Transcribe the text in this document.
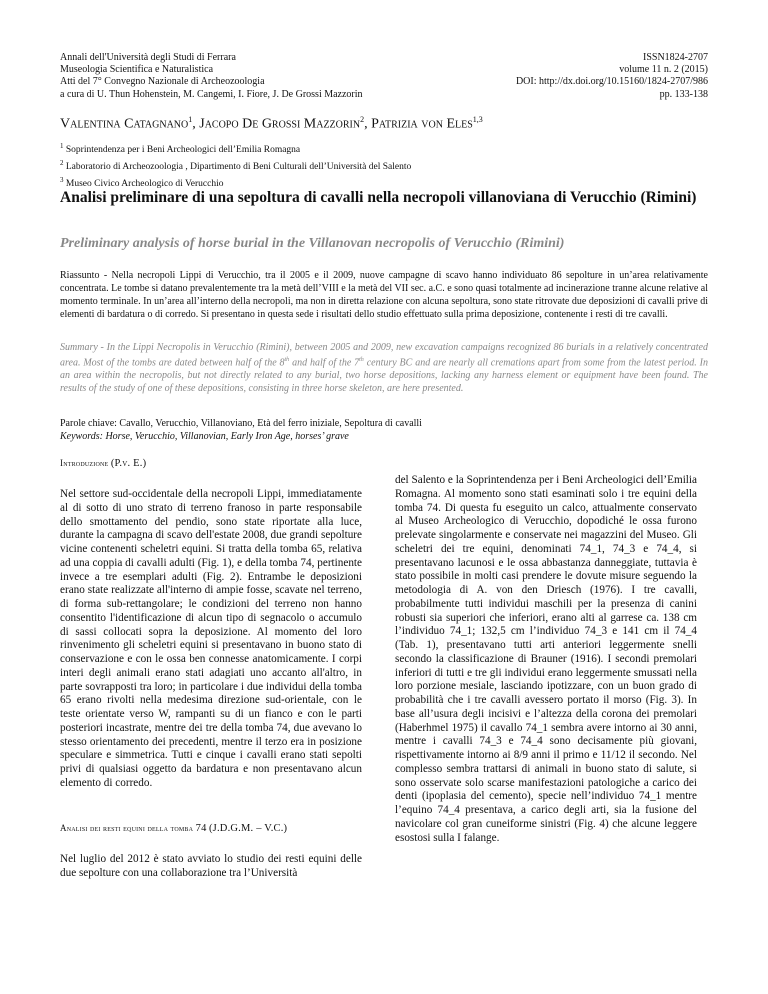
Annali dell'Università degli Studi di Ferrara
Museologia Scientifica e Naturalistica
Atti del 7° Convegno Nazionale di Archeozoologia
a cura di U. Thun Hohenstein, M. Cangemi, I. Fiore, J. De Grossi Mazzorin
ISSN1824-2707
volume 11 n. 2 (2015)
DOI: http://dx.doi.org/10.15160/1824-2707/986
pp. 133-138
Valentina Catagnano$^1$, Jacopo De Grossi Mazzorin$^2$, Patrizia von Eles$^{1,3}$
$^1$ Soprintendenza per i Beni Archeologici dell’Emilia Romagna
$^2$ Laboratorio di Archeozoologia , Dipartimento di Beni Culturali dell’Università del Salento
$^3$ Museo Civico Archeologico di Verucchio
Analisi preliminare di una sepoltura di cavalli nella necropoli villanoviana di Verucchio (Rimini)
Preliminary analysis of horse burial in the Villanovan necropolis of Verucchio (Rimini)

Riassunto - Nella necropoli Lippi di Verucchio, tra il 2005 e il 2009, nuove campagne di scavo hanno individuato 86 sepolture in un’area relativamente concentrata. Le tombe si datano prevalentemente tra la metà dell’VIII e la metà del VII sec. a.C. e sono quasi totalmente ad incinerazione tranne alcune relative al momento terminale. In un’area all’interno della necropoli, ma non in diretta relazione con alcuna sepoltura, sono state ritrovate due deposizioni di cavalli prive di elementi di bardatura o di corredo. Si presentano in questa sede i risultati dello studio effettuato sulla prima deposizione, contenente i resti di tre cavalli.

Summary - In the Lippi Necropolis in Verucchio (Rimini), between 2005 and 2009, new excavation campaigns recognized 86 burials in a relatively concentrated area. Most of the tombs are dated between half of the 8th and half of the 7th century BC and are nearly all cremations apart from some from the latest period. In an area within the necropolis, but not directly related to any burial, two horse depositions, lacking any harness element or equipment have been found. The results of the study of one of these depositions, consisting in three horse skeleton, are here presented.

Parole chiave: Cavallo, Verucchio, Villanoviano, Età del ferro iniziale, Sepoltura di cavalli
Keywords: Horse, Verucchio, Villanovian, Early Iron Age, horses’ grave
Introduzione (P.v. E.)

Nel settore sud-occidentale della necropoli Lippi, immediatamente al di sotto di uno strato di terreno franoso in parte responsabile dello smottamento del pendio, sono state riportate alla luce, durante la campagna di scavo dell'estate 2008, due grandi sepolture vicine contenenti scheletri equini. Si tratta della tomba 65, relativa ad una coppia di cavalli adulti (Fig. 1), e della tomba 74, pertinente invece a tre esemplari adulti (Fig. 2). Entrambe le deposizioni erano state realizzate all'interno di ampie fosse, scavate nel terreno, di forma sub-rettangolare; le condizioni del terreno non hanno consentito l'identificazione di alcun tipo di segnacolo o accumulo di sassi collocati sopra la deposizione. Al momento del loro rinvenimento gli scheletri equini si presentavano in buono stato di conservazione e con le ossa ben connesse anatomicamente. I corpi interi degli animali erano stati adagiati uno accanto all'altro, in parte sovrapposti tra loro; in particolare i due individui della tomba 65 erano rivolti nella medesima direzione sud-orientale, con le teste orientate verso W, rampanti su di un fianco e con le parti posteriori incastrate, mentre dei tre della tomba 74, due avevano lo stesso orientamento dei precedenti, mentre il terzo era in posizione speculare e simmetrica. Tutti e cinque i cavalli erano stati sepolti privi di qualsiasi oggetto da bardatura e non presentavano alcun elemento di corredo.

Analisi dei resti equini della tomba 74 (J.D.G.M. – V.C.)

Nel luglio del 2012 è stato avviato lo studio dei resti equini delle due sepolture con una collaborazione tra l’Università

del Salento e la Soprintendenza per i Beni Archeologici dell’Emilia Romagna. Al momento sono stati esaminati solo i tre equini della tomba 74. Di questa fu eseguito un calco, attualmente conservato al Museo Archeologico di Verucchio, dopodiché le ossa furono prelevate singolarmente e conservate nei magazzini del Museo. Gli scheletri dei tre equini, denominati 74_1, 74_3 e 74_4, si presentavano lacunosi e le ossa abbastanza danneggiate, tuttavia è stato possibile in molti casi prendere le dovute misure seguendo la metodologia di A. von den Driesch (1976). I tre cavalli, probabilmente tutti individui maschili per la presenza di canini robusti sia superiori che inferiori, erano alti al garrese ca. 138 cm l’individuo 74_1; 132,5 cm l’individuo 74_3 e 141 cm il 74_4 (Tab. 1), presentavano tutti arti anteriori leggermente snelli secondo la classificazione di Brauner (1916). I secondi premolari inferiori di tutti e tre gli individui erano leggermente smussati nella loro porzione mesiale, lasciando ipotizzare, con un buon grado di probabilità che i tre cavalli avessero portato il morso (Fig. 3). In base all’usura degli incisivi e l’altezza della corona dei premolari (Haberhmel 1975) il cavallo 74_1 sembra avere intorno ai 30 anni, mentre i cavalli 74_3 e 74_4 sono decisamente più giovani, rispettivamente intorno ai 8/9 anni il primo e 11/12 il secondo. Nel complesso sembra trattarsi di animali in buono stato di salute, si sono osservate solo scarse manifestazioni patologiche a carico dei denti (ipoplasia del cemento), specie nell’individuo 74_1 mentre l’equino 74_4 presentava, a carico degli arti, sia la fusione del navicolare col gran cuneiforme sinistri (Fig. 4) che alcune leggere esostosi sulla I falange.
